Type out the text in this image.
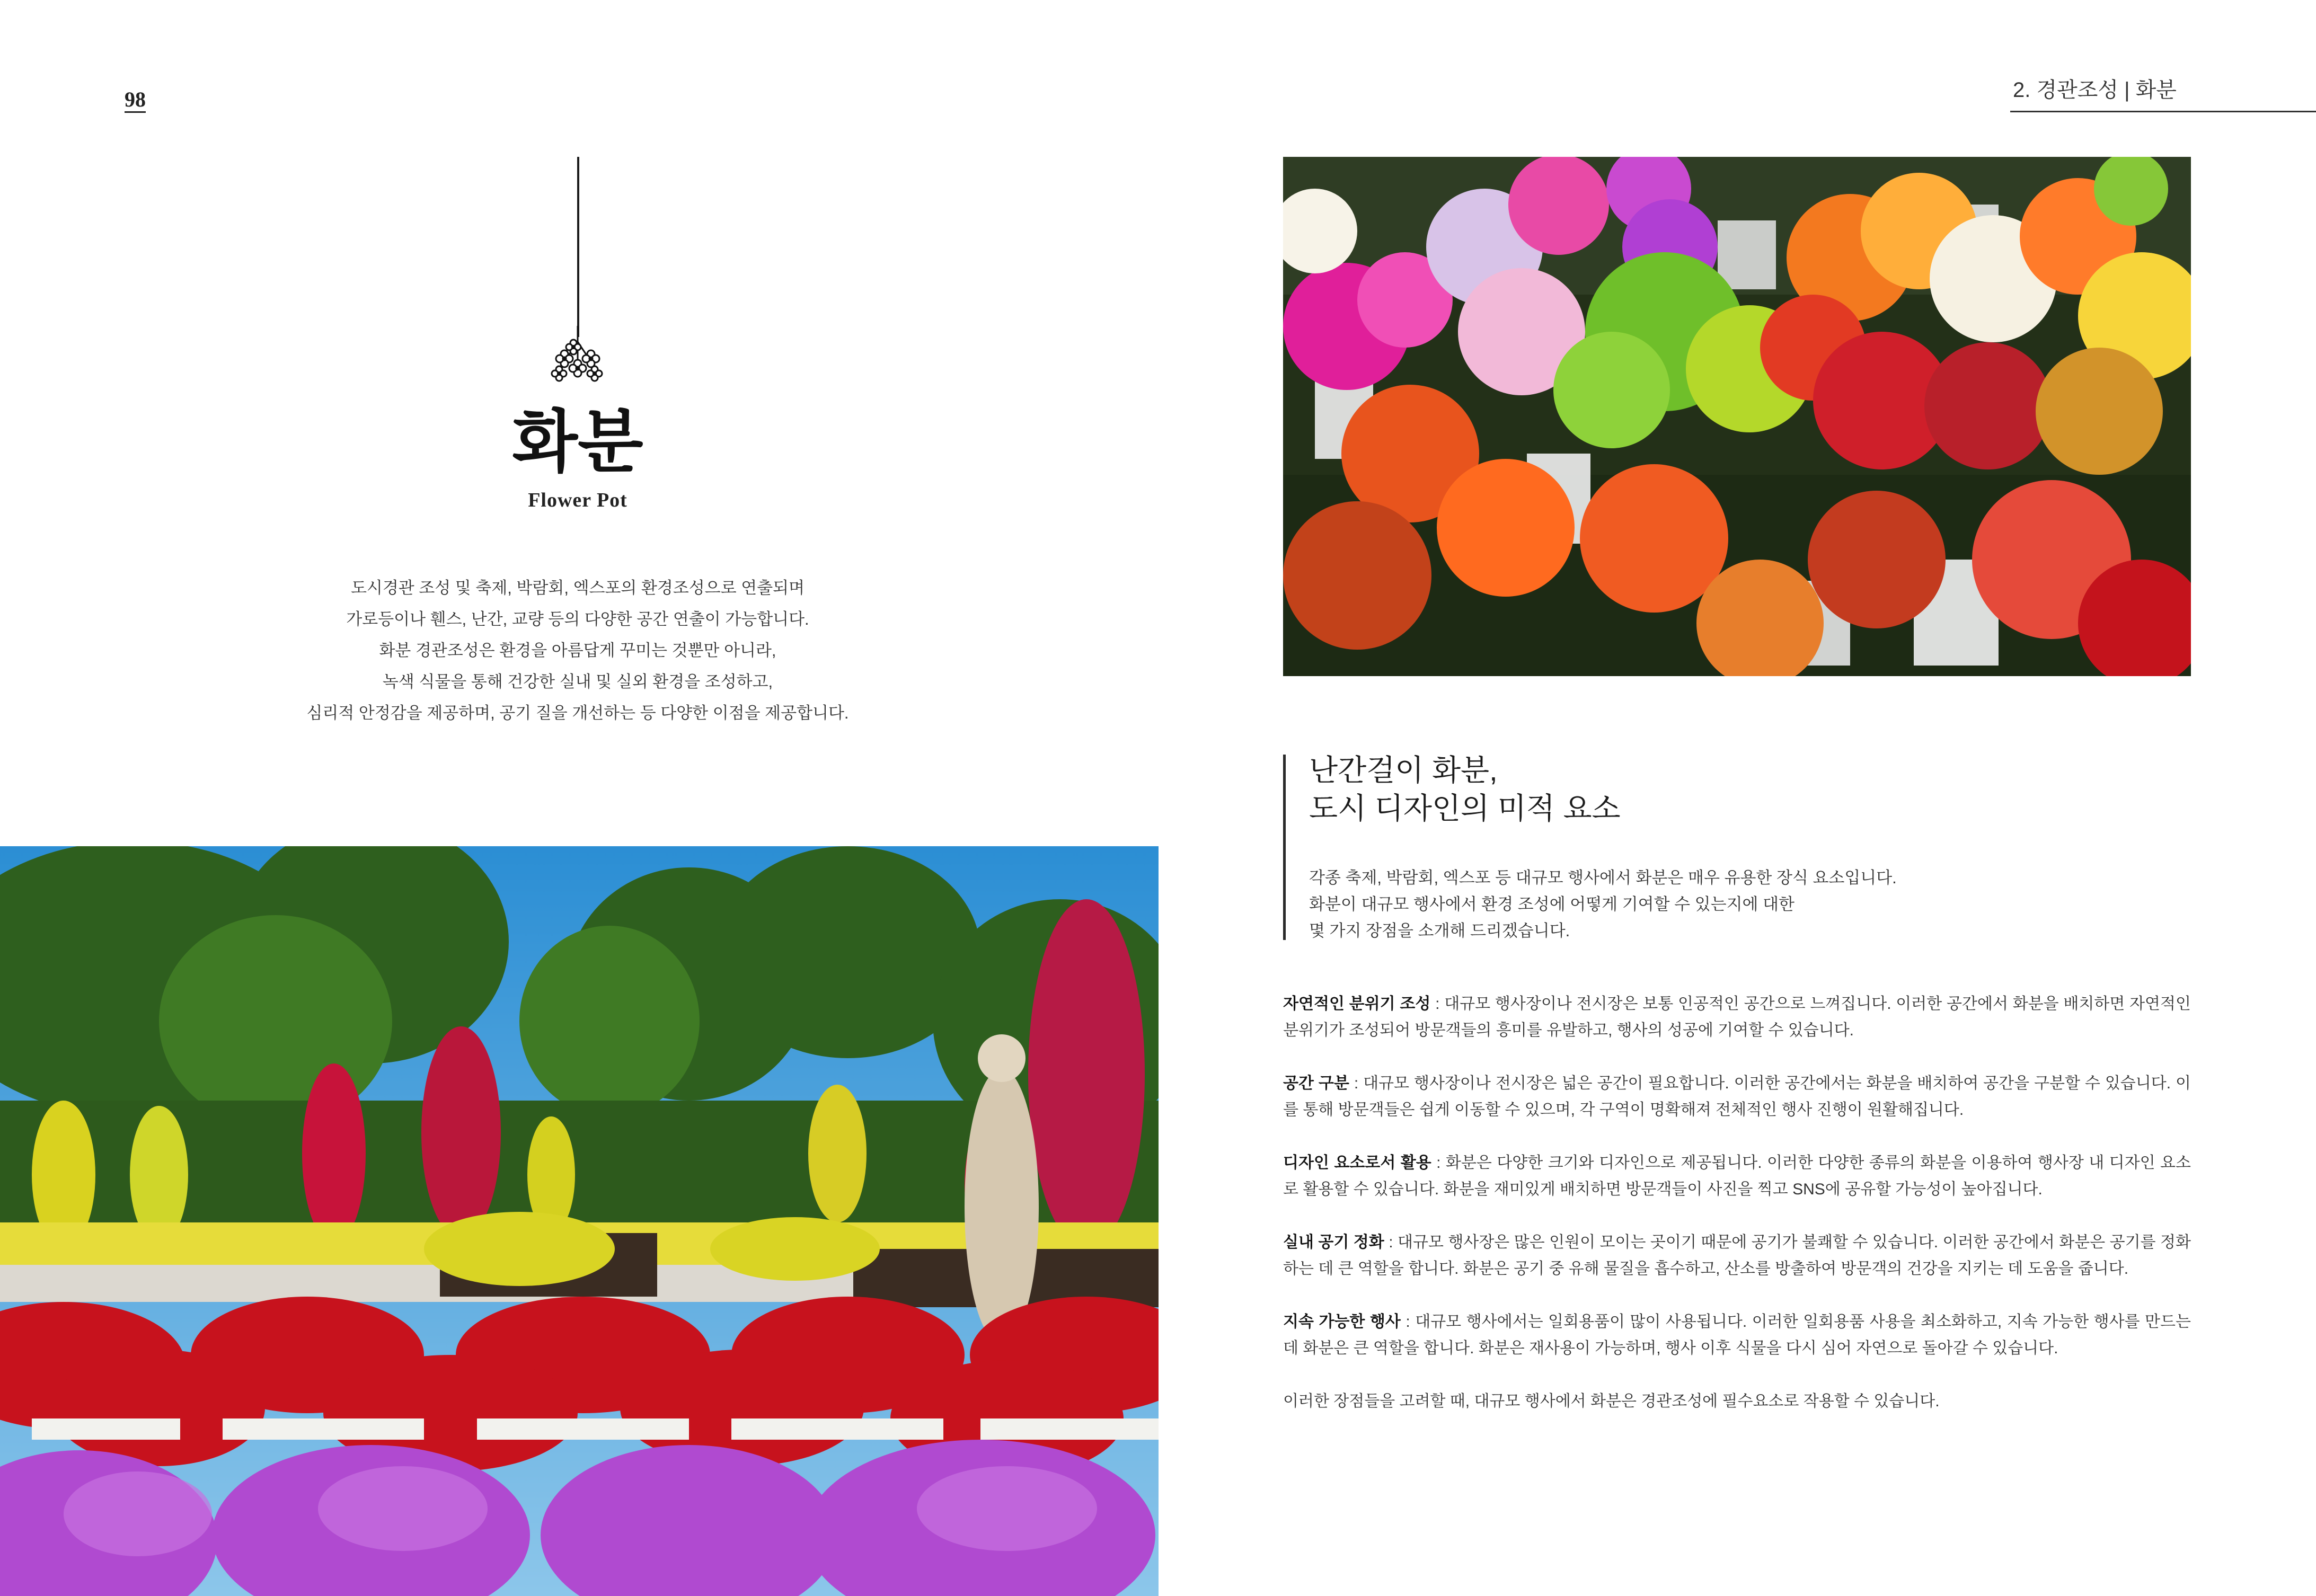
98	2. 경관조성 | 화분
화분
Flower Pot

도시경관 조성 및 축제, 박람회, 엑스포의 환경조성으로 연출되며

가로등이나 휀스, 난간, 교량 등의 다양한 공간 연출이 가능합니다.

화분 경관조성은 환경을 아름답게 꾸미는 것뿐만 아니라,

녹색 식물을 통해 건강한 실내 및 실외 환경을 조성하고,

심리적 안정감을 제공하며, 공기 질을 개선하는 등 다양한 이점을 제공합니다.

난간걸이 화분,
도시 디자인의 미적 요소

각종 축제, 박람회, 엑스포 등 대규모 행사에서 화분은 매우 유용한 장식 요소입니다.

화분이 대규모 행사에서 환경 조성에 어떻게 기여할 수 있는지에 대한

몇 가지 장점을 소개해 드리겠습니다.

자연적인 분위기 조성 : 대규모 행사장이나 전시장은 보통 인공적인 공간으로 느껴집니다. 이러한 공간에서 화분을 배치하면 자연적인 분위기가 조성되어 방문객들의 흥미를 유발하고, 행사의 성공에 기여할 수 있습니다.

공간 구분 : 대규모 행사장이나 전시장은 넓은 공간이 필요합니다. 이러한 공간에서는 화분을 배치하여 공간을 구분할 수 있습니다. 이를 통해 방문객들은 쉽게 이동할 수 있으며, 각 구역이 명확해져 전체적인 행사 진행이 원활해집니다.

디자인 요소로서 활용 : 화분은 다양한 크기와 디자인으로 제공됩니다. 이러한 다양한 종류의 화분을 이용하여 행사장 내 디자인 요소로 활용할 수 있습니다. 화분을 재미있게 배치하면 방문객들이 사진을 찍고 SNS에 공유할 가능성이 높아집니다.

실내 공기 정화 : 대규모 행사장은 많은 인원이 모이는 곳이기 때문에 공기가 불쾌할 수 있습니다. 이러한 공간에서 화분은 공기를 정화하는 데 큰 역할을 합니다. 화분은 공기 중 유해 물질을 흡수하고, 산소를 방출하여 방문객의 건강을 지키는 데 도움을 줍니다.

지속 가능한 행사 : 대규모 행사에서는 일회용품이 많이 사용됩니다. 이러한 일회용품 사용을 최소화하고, 지속 가능한 행사를 만드는 데 화분은 큰 역할을 합니다. 화분은 재사용이 가능하며, 행사 이후 식물을 다시 심어 자연으로 돌아갈 수 있습니다.

이러한 장점들을 고려할 때, 대규모 행사에서 화분은 경관조성에 필수요소로 작용할 수 있습니다.
